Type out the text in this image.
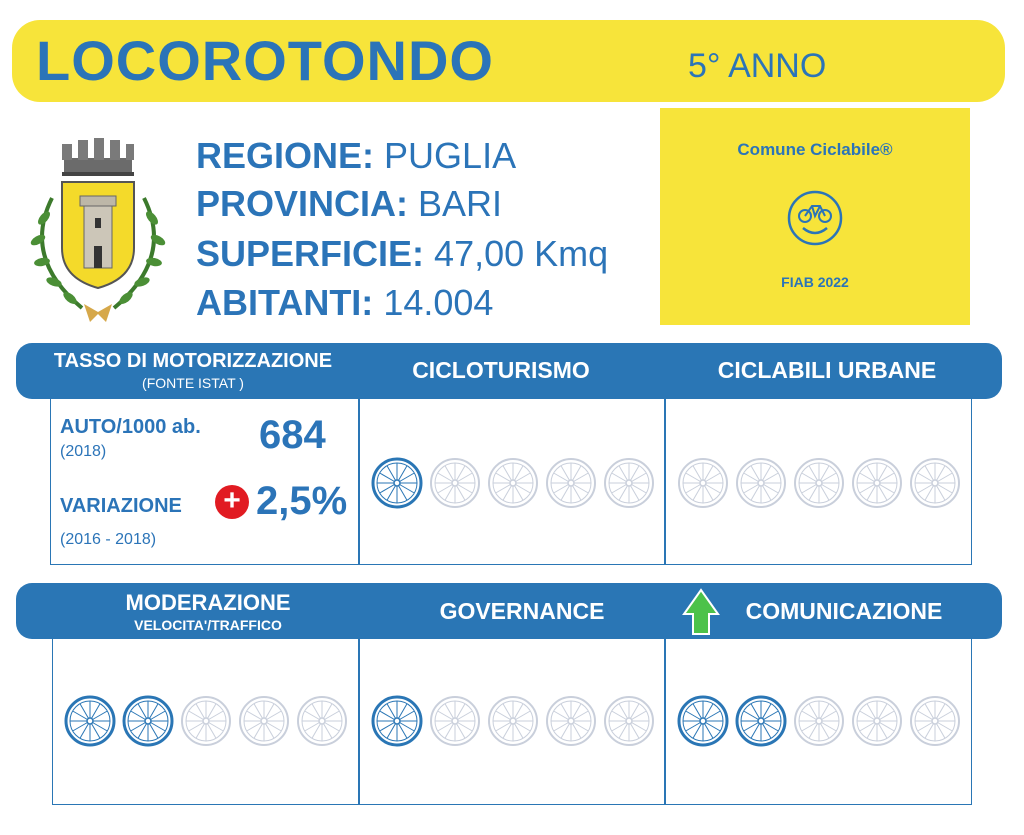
LOCOROTONDO	5° ANNO
REGIONE: PUGLIA
PROVINCIA: BARI
SUPERFICIE: 47,00 Kmq
ABITANTI: 14.004
Comune Ciclabile®
FIAB 2022
TASSO DI MOTORIZZAZIONE
(FONTE ISTAT )	CICLOTURISMO	CICLABILI URBANE
AUTO/1000 ab.
(2018)	684
VARIAZIONE + 2,5%
(2016 - 2018)
MODERAZIONE
VELOCITA'/TRAFFICO
GOVERNANCE	COMUNICAZIONE
